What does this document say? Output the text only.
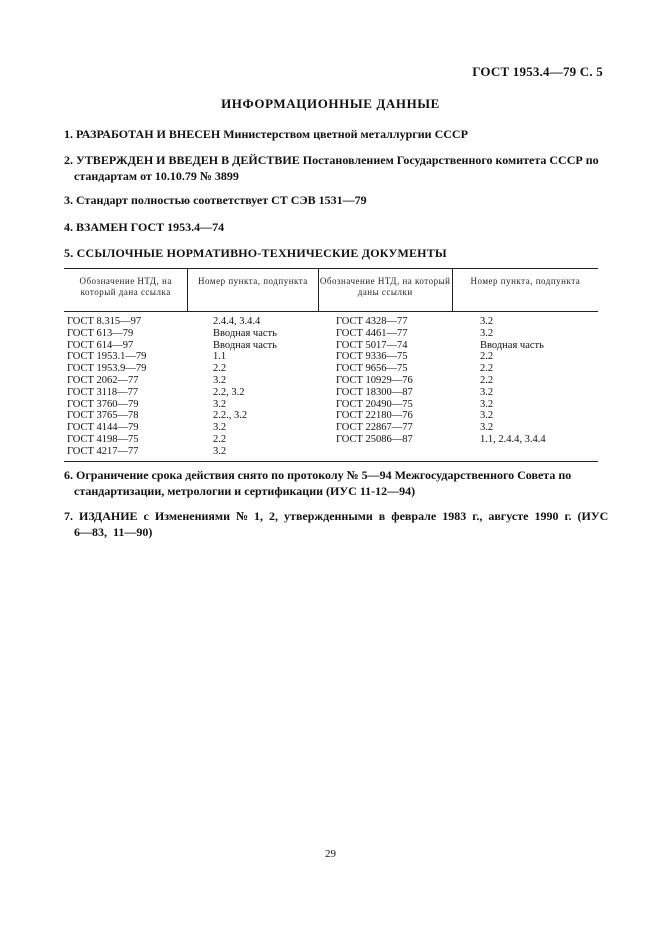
ГОСТ 1953.4—79 С. 5
ИНФОРМАЦИОННЫЕ ДАННЫЕ
1. РАЗРАБОТАН И ВНЕСЕН Министерством цветной металлургии СССР
2. УТВЕРЖДЕН И ВВЕДЕН В ДЕЙСТВИЕ Постановлением Государственного комитета СССР по стандартам от 10.10.79 № 3899
3. Стандарт полностью соответствует СТ СЭВ 1531—79
4. ВЗАМЕН ГОСТ 1953.4—74
5. ССЫЛОЧНЫЕ НОРМАТИВНО-ТЕХНИЧЕСКИЕ ДОКУМЕНТЫ
Обозначение НТД, на который дана ссылка
Номер пункта, подпункта	Обозначение НТД, на который даны ссылки
Номер пункта, подпункта
ГОСТ 8.315—97
ГОСТ 613—79
ГОСТ 614—97
ГОСТ 1953.1—79
ГОСТ 1953.9—79
ГОСТ 2062—77
ГОСТ 3118—77
ГОСТ 3760—79
ГОСТ 3765—78
ГОСТ 4144—79
ГОСТ 4198—75
ГОСТ 4217—77
2.4.4, 3.4.4
Вводная часть
Вводная часть
1.1
2.2
3.2
2.2, 3.2
3.2
2.2., 3.2
3.2
2.2
3.2
ГОСТ 4328—77
ГОСТ 4461—77
ГОСТ 5017—74
ГОСТ 9336—75
ГОСТ 9656—75
ГОСТ 10929—76
ГОСТ 18300—87
ГОСТ 20490—75
ГОСТ 22180—76
ГОСТ 22867—77
ГОСТ 25086—87
3.2
3.2
Вводная часть
2.2
2.2
2.2
3.2
3.2
3.2
3.2
1.1, 2.4.4, 3.4.4
6. Ограничение срока действия снято по протоколу № 5—94 Межгосударственного Совета по стандартизации, метрологии и сертификации (ИУС 11-12—94)
7. ИЗДАНИЕ с Изменениями № 1, 2, утвержденными в феврале 1983 г., августе 1990 г. (ИУС 6—83, 11—90)
29
